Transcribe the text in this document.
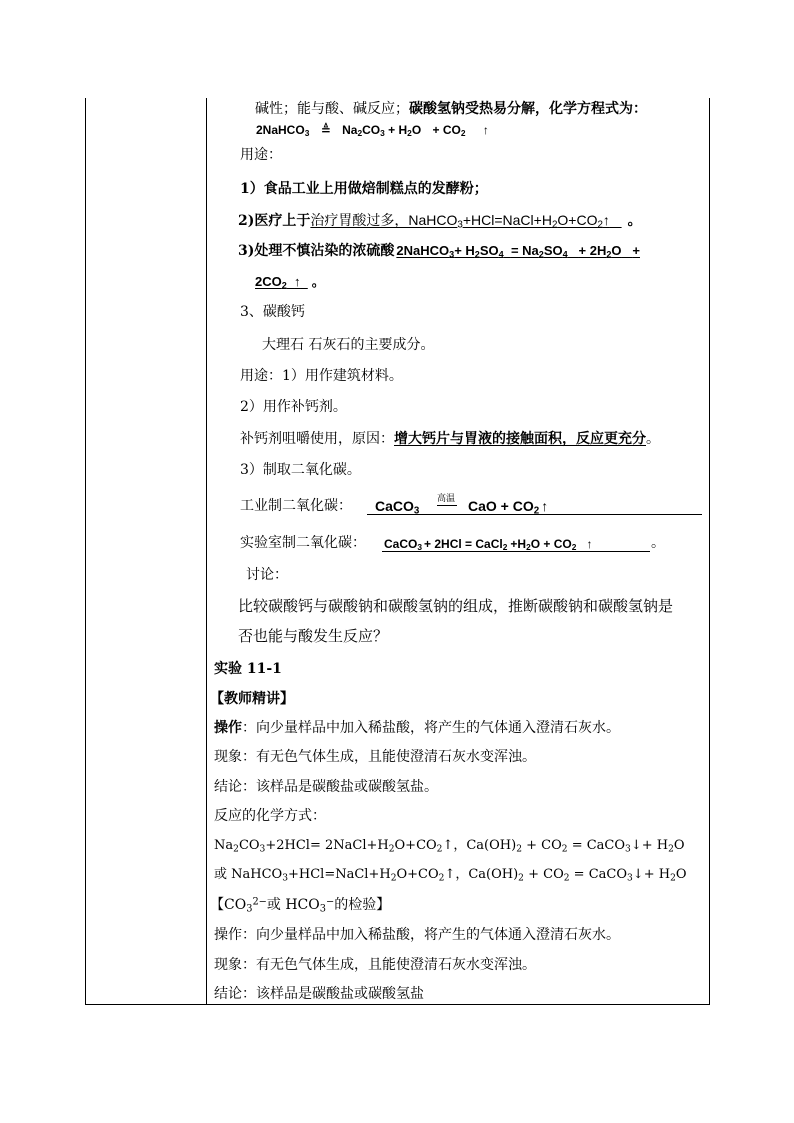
碱性；能与酸、碱反应；碳酸氢钠受热易分解，化学方程式为：
2NaHCO$_3$ ≜ $Na_2CO_3 + H_2O + CO_2$ ↑
用途：
1）食品工业上用做焙制糕点的发酵粉；
2)医疗上于治疗胃酸过多，$NaHCO_3+HCl=NaCl+H_2O+CO_2↑$ 。
3)处理不慎沾染的浓硫酸 2NaHCO$_3$+ $H_2SO_4 = Na_2SO_4 + 2H_2O$ +
$2CO_2$ ↑ 。
3、碳酸钙
大理石 石灰石的主要成分。
用途：1）用作建筑材料。
2）用作补钙剂。
补钙剂咀嚼使用，原因：增大钙片与胃液的接触面积，反应更充分。
3）制取二氧化碳。
工业制二氧化碳： CaCO$_3$
高温 CaO + $CO_2$ ↑
实验室制二氧化碳： CaCO$_3$ + 2HCl = CaCl$_2$ $+H_2O + CO_2$ ↑	。
讨论：
比较碳酸钙与碳酸钠和碳酸氢钠的组成，推断碳酸钠和碳酸氢钠是
否也能与酸发生反应？
实验 11-1
【教师精讲】
操作：向少量样品中加入稀盐酸，将产生的气体通入澄清石灰水。
现象：有无色气体生成，且能使澄清石灰水变浑浊。
结论：该样品是碳酸盐或碳酸氢盐。
反应的化学方式：
$Na_2CO_3+2HCl=$ $2NaCl+H_2O+CO_2↑$，$Ca(OH)_2 + CO_2$ = CaCO$_3$↓+ $H_2O$
或 $NaHCO_3+HCl=NaCl+H_2O+CO_2↑$，$Ca(OH)_2 + CO_2$ = CaCO$_3$↓+ $H_2O$
【$CO_3^{2-}$或 $HCO_3^-$的检验】
操作：向少量样品中加入稀盐酸，将产生的气体通入澄清石灰水。
现象：有无色气体生成，且能使澄清石灰水变浑浊。
结论：该样品是碳酸盐或碳酸氢盐
